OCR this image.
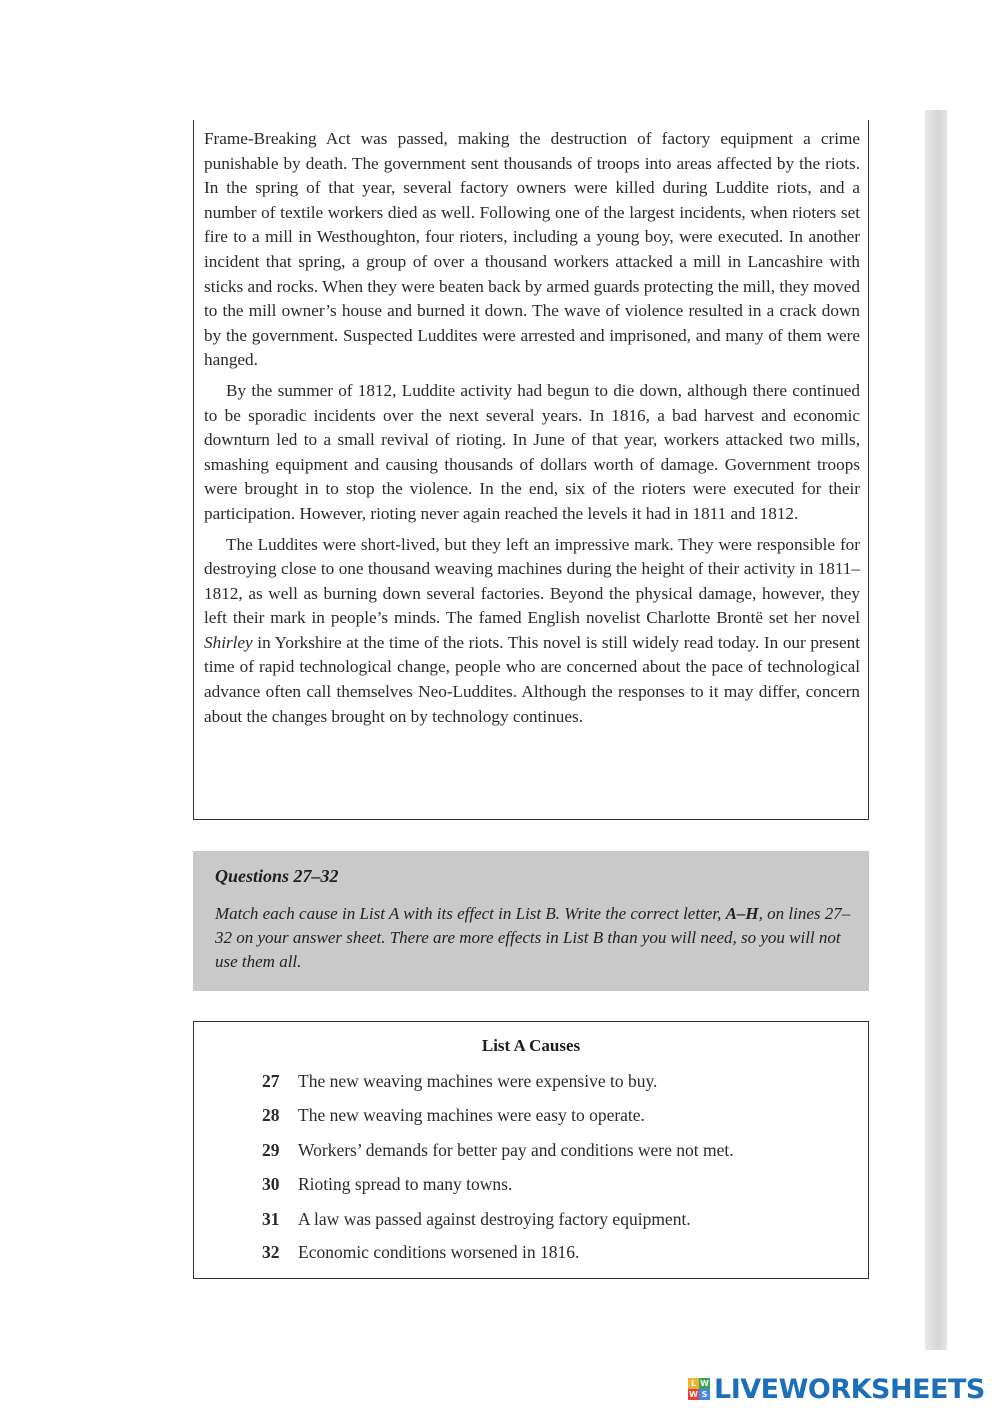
Frame-Breaking Act was passed, making the destruction of factory equipment a crime punishable by death. The government sent thousands of troops into areas affected by the riots. In the spring of that year, several factory owners were killed during Luddite riots, and a number of textile workers died as well. Following one of the largest incidents, when rioters set fire to a mill in Westhoughton, four rioters, including a young boy, were executed. In another incident that spring, a group of over a thousand workers attacked a mill in Lancashire with sticks and rocks. When they were beaten back by armed guards protecting the mill, they moved to the mill owner’s house and burned it down. The wave of violence resulted in a crack down by the government. Suspected Luddites were arrested and imprisoned, and many of them were hanged.

By the summer of 1812, Luddite activity had begun to die down, although there continued to be sporadic incidents over the next several years. In 1816, a bad harvest and economic downturn led to a small revival of rioting. In June of that year, workers attacked two mills, smashing equipment and causing thousands of dollars worth of damage. Government troops were brought in to stop the violence. In the end, six of the rioters were executed for their participation. However, rioting never again reached the levels it had in 1811 and 1812.

The Luddites were short-lived, but they left an impressive mark. They were responsible for destroying close to one thousand weaving machines during the height of their activity in 1811–1812, as well as burning down several factories. Beyond the physical damage, however, they left their mark in people’s minds. The famed English novelist Charlotte Brontë set her novel Shirley in Yorkshire at the time of the riots. This novel is still widely read today. In our present time of rapid technological change, people who are concerned about the pace of technological advance often call themselves Neo-Luddites. Although the responses to it may differ, concern about the changes brought on by technology continues.

Questions 27–32
Match each cause in List A with its effect in List B. Write the correct letter, A–H, on lines 27–32 on your answer sheet. There are more effects in List B than you will need, so you will not use them all.
List A Causes
27 The new weaving machines were expensive to buy.
28 The new weaving machines were easy to operate.
29 Workers’ demands for better pay and conditions were not met.
30 Rioting spread to many towns.
31 A law was passed against destroying factory equipment.
32 Economic conditions worsened in 1816.
L W
W S LIVEWORKSHEETS
